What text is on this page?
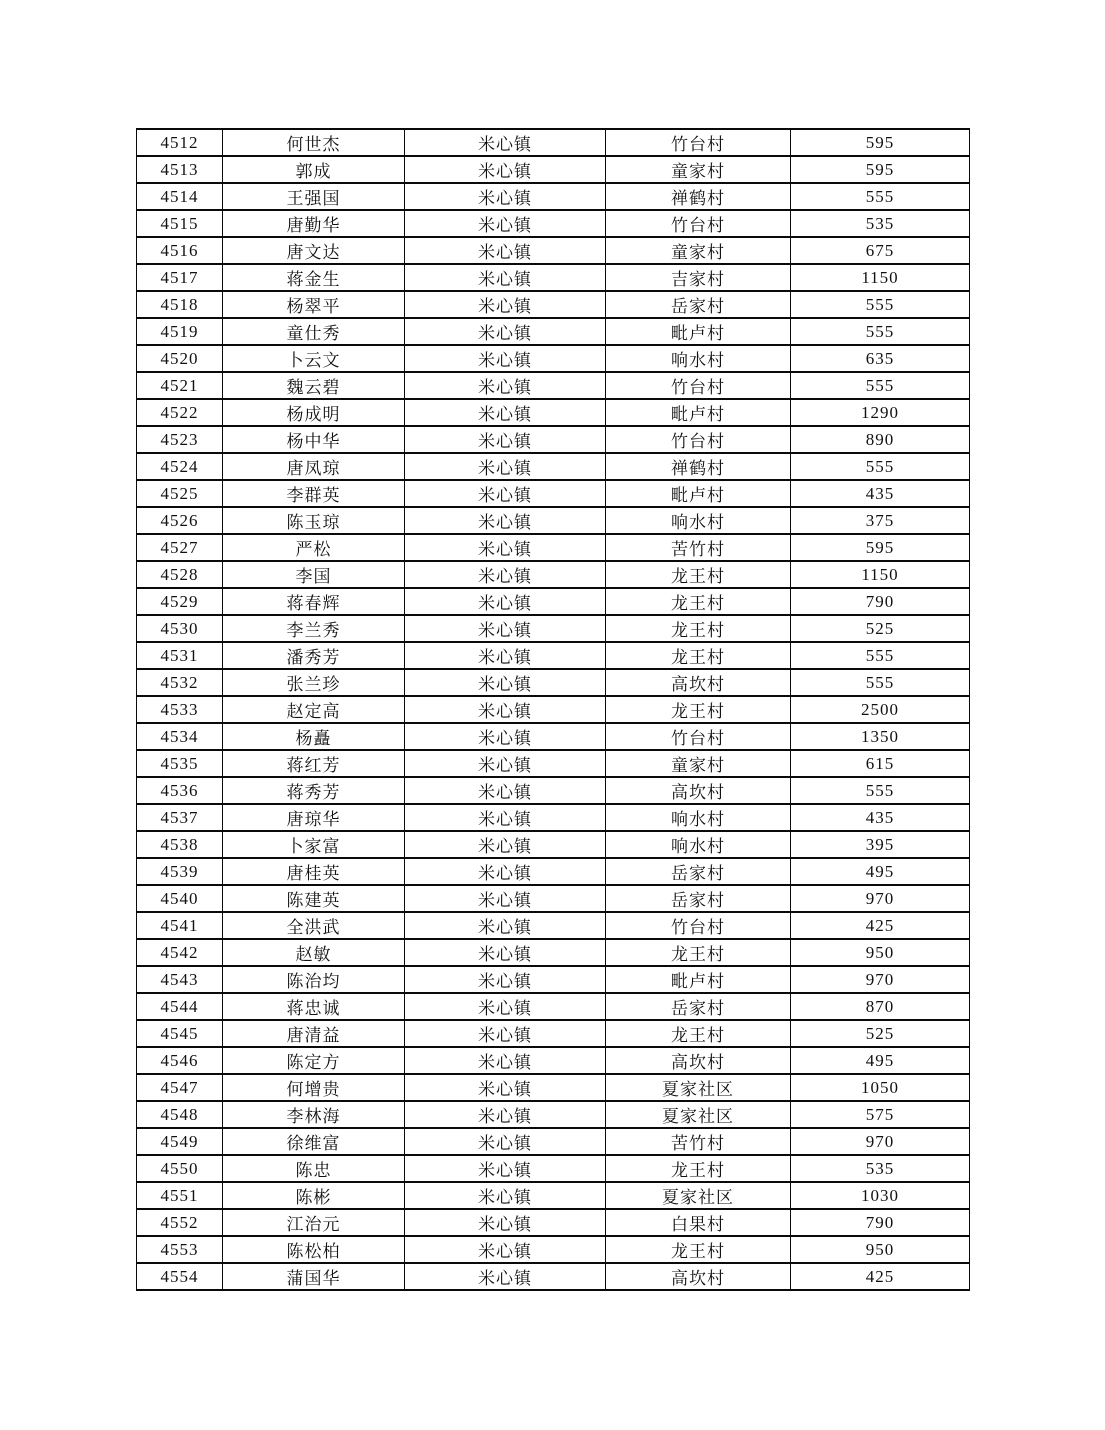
4512	何世杰	米心镇	竹台村	595
4513	郭成	米心镇	童家村	595
4514	王强国	米心镇	禅鹤村	555
4515	唐勤华	米心镇	竹台村	535
4516	唐文达	米心镇	童家村	675
4517	蒋金生	米心镇	吉家村	1150
4518	杨翠平	米心镇	岳家村	555
4519	童仕秀	米心镇	毗卢村	555
4520	卜云文	米心镇	响水村	635
4521	魏云碧	米心镇	竹台村	555
4522	杨成明	米心镇	毗卢村	1290
4523	杨中华	米心镇	竹台村	890
4524	唐凤琼	米心镇	禅鹤村	555
4525	李群英	米心镇	毗卢村	435
4526	陈玉琼	米心镇	响水村	375
4527	严松	米心镇	苦竹村	595
4528	李国	米心镇	龙王村	1150
4529	蒋春辉	米心镇	龙王村	790
4530	李兰秀	米心镇	龙王村	525
4531	潘秀芳	米心镇	龙王村	555
4532	张兰珍	米心镇	高坎村	555
4533	赵定高	米心镇	龙王村	2500
4534	杨矗	米心镇	竹台村	1350
4535	蒋红芳	米心镇	童家村	615
4536	蒋秀芳	米心镇	高坎村	555
4537	唐琼华	米心镇	响水村	435
4538	卜家富	米心镇	响水村	395
4539	唐桂英	米心镇	岳家村	495
4540	陈建英	米心镇	岳家村	970
4541	全洪武	米心镇	竹台村	425
4542	赵敏	米心镇	龙王村	950
4543	陈治均	米心镇	毗卢村	970
4544	蒋忠诚	米心镇	岳家村	870
4545	唐清益	米心镇	龙王村	525
4546	陈定方	米心镇	高坎村	495
4547	何增贵	米心镇	夏家社区	1050
4548	李林海	米心镇	夏家社区	575
4549	徐维富	米心镇	苦竹村	970
4550	陈忠	米心镇	龙王村	535
4551	陈彬	米心镇	夏家社区	1030
4552	江治元	米心镇	白果村	790
4553	陈松柏	米心镇	龙王村	950
4554	蒲国华	米心镇	高坎村	425
